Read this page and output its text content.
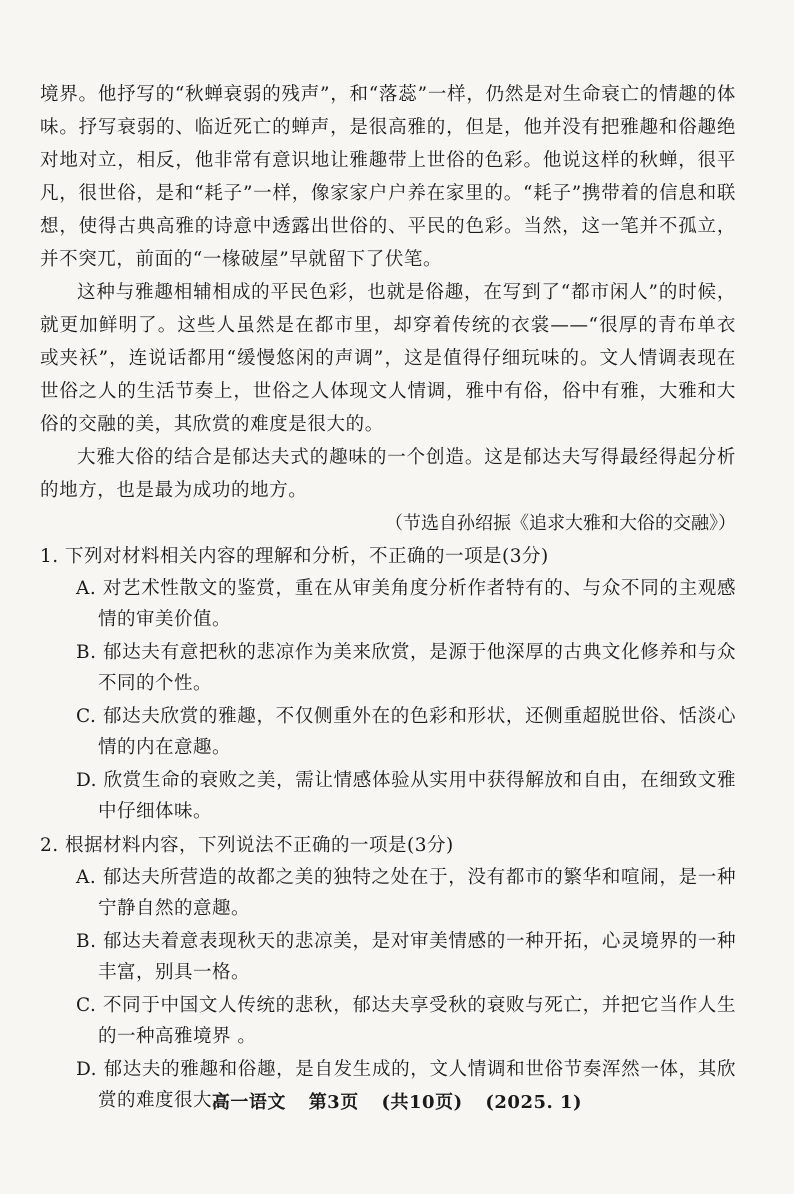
境界。他抒写的“秋蝉衰弱的残声”，和“落蕊”一样，仍然是对生命衰亡的情趣的体味。抒写衰弱的、临近死亡的蝉声，是很高雅的，但是，他并没有把雅趣和俗趣绝对地对立，相反，他非常有意识地让雅趣带上世俗的色彩。他说这样的秋蝉，很平凡，很世俗，是和“耗子”一样，像家家户户养在家里的。“耗子”携带着的信息和联想，使得古典高雅的诗意中透露出世俗的、平民的色彩。当然，这一笔并不孤立，并不突兀，前面的“一椽破屋”早就留下了伏笔。

这种与雅趣相辅相成的平民色彩，也就是俗趣，在写到了“都市闲人”的时候，就更加鲜明了。这些人虽然是在都市里，却穿着传统的衣裳——“很厚的青布单衣或夹袄”，连说话都用“缓慢悠闲的声调”，这是值得仔细玩味的。文人情调表现在世俗之人的生活节奏上，世俗之人体现文人情调，雅中有俗，俗中有雅，大雅和大俗的交融的美，其欣赏的难度是很大的。

大雅大俗的结合是郁达夫式的趣味的一个创造。这是郁达夫写得最经得起分析的地方，也是最为成功的地方。

（节选自孙绍振《追求大雅和大俗的交融》）

1. 下列对材料相关内容的理解和分析，不正确的一项是(3分)

A. 对艺术性散文的鉴赏，重在从审美角度分析作者特有的、与众不同的主观感情的审美价值。

B. 郁达夫有意把秋的悲凉作为美来欣赏，是源于他深厚的古典文化修养和与众不同的个性。

C. 郁达夫欣赏的雅趣，不仅侧重外在的色彩和形状，还侧重超脱世俗、恬淡心情的内在意趣。

D. 欣赏生命的衰败之美，需让情感体验从实用中获得解放和自由，在细致文雅中仔细体味。

2. 根据材料内容，下列说法不正确的一项是(3分)

A. 郁达夫所营造的故都之美的独特之处在于，没有都市的繁华和喧闹，是一种宁静自然的意趣。

B. 郁达夫着意表现秋天的悲凉美，是对审美情感的一种开拓，心灵境界的一种丰富，别具一格。

C. 不同于中国文人传统的悲秋，郁达夫享受秋的衰败与死亡，并把它当作人生的一种高雅境界 。

D. 郁达夫的雅趣和俗趣，是自发生成的，文人情调和世俗节奏浑然一体，其欣赏的难度很大。

高一语文 第3页 (共10页) (2025. 1)
